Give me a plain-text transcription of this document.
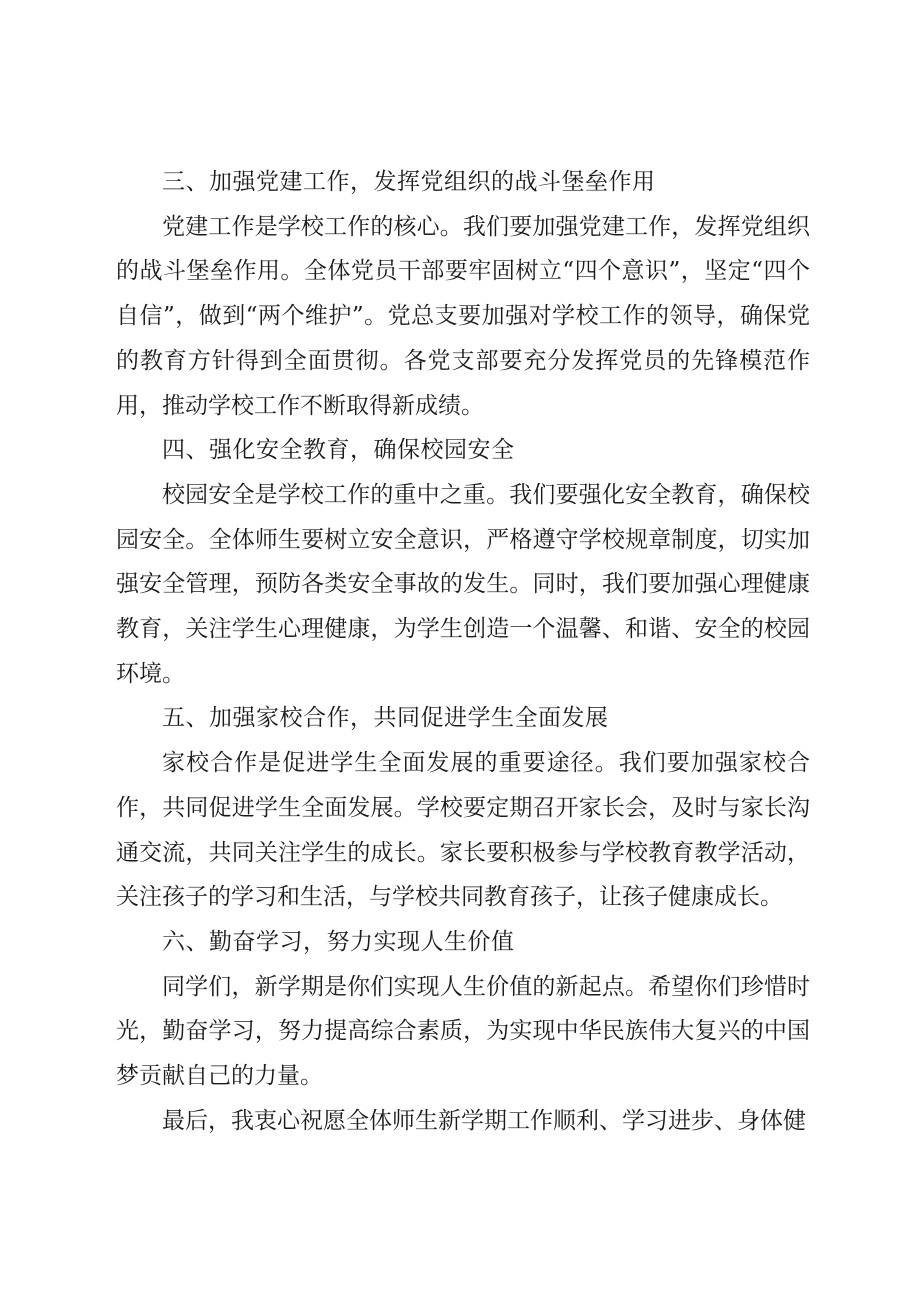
三、加强党建工作，发挥党组织的战斗堡垒作用

党建工作是学校工作的核心。我们要加强党建工作，发挥党组织的战斗堡垒作用。全体党员干部要牢固树立“四个意识”，坚定“四个自信”，做到“两个维护”。党总支要加强对学校工作的领导，确保党的教育方针得到全面贯彻。各党支部要充分发挥党员的先锋模范作用，推动学校工作不断取得新成绩。

四、强化安全教育，确保校园安全

校园安全是学校工作的重中之重。我们要强化安全教育，确保校园安全。全体师生要树立安全意识，严格遵守学校规章制度，切实加强安全管理，预防各类安全事故的发生。同时，我们要加强心理健康教育，关注学生心理健康，为学生创造一个温馨、和谐、安全的校园环境。

五、加强家校合作，共同促进学生全面发展

家校合作是促进学生全面发展的重要途径。我们要加强家校合作，共同促进学生全面发展。学校要定期召开家长会，及时与家长沟通交流，共同关注学生的成长。家长要积极参与学校教育教学活动，关注孩子的学习和生活，与学校共同教育孩子，让孩子健康成长。

六、勤奋学习，努力实现人生价值

同学们，新学期是你们实现人生价值的新起点。希望你们珍惜时光，勤奋学习，努力提高综合素质，为实现中华民族伟大复兴的中国梦贡献自己的力量。

最后，我衷心祝愿全体师生新学期工作顺利、学习进步、身体健
